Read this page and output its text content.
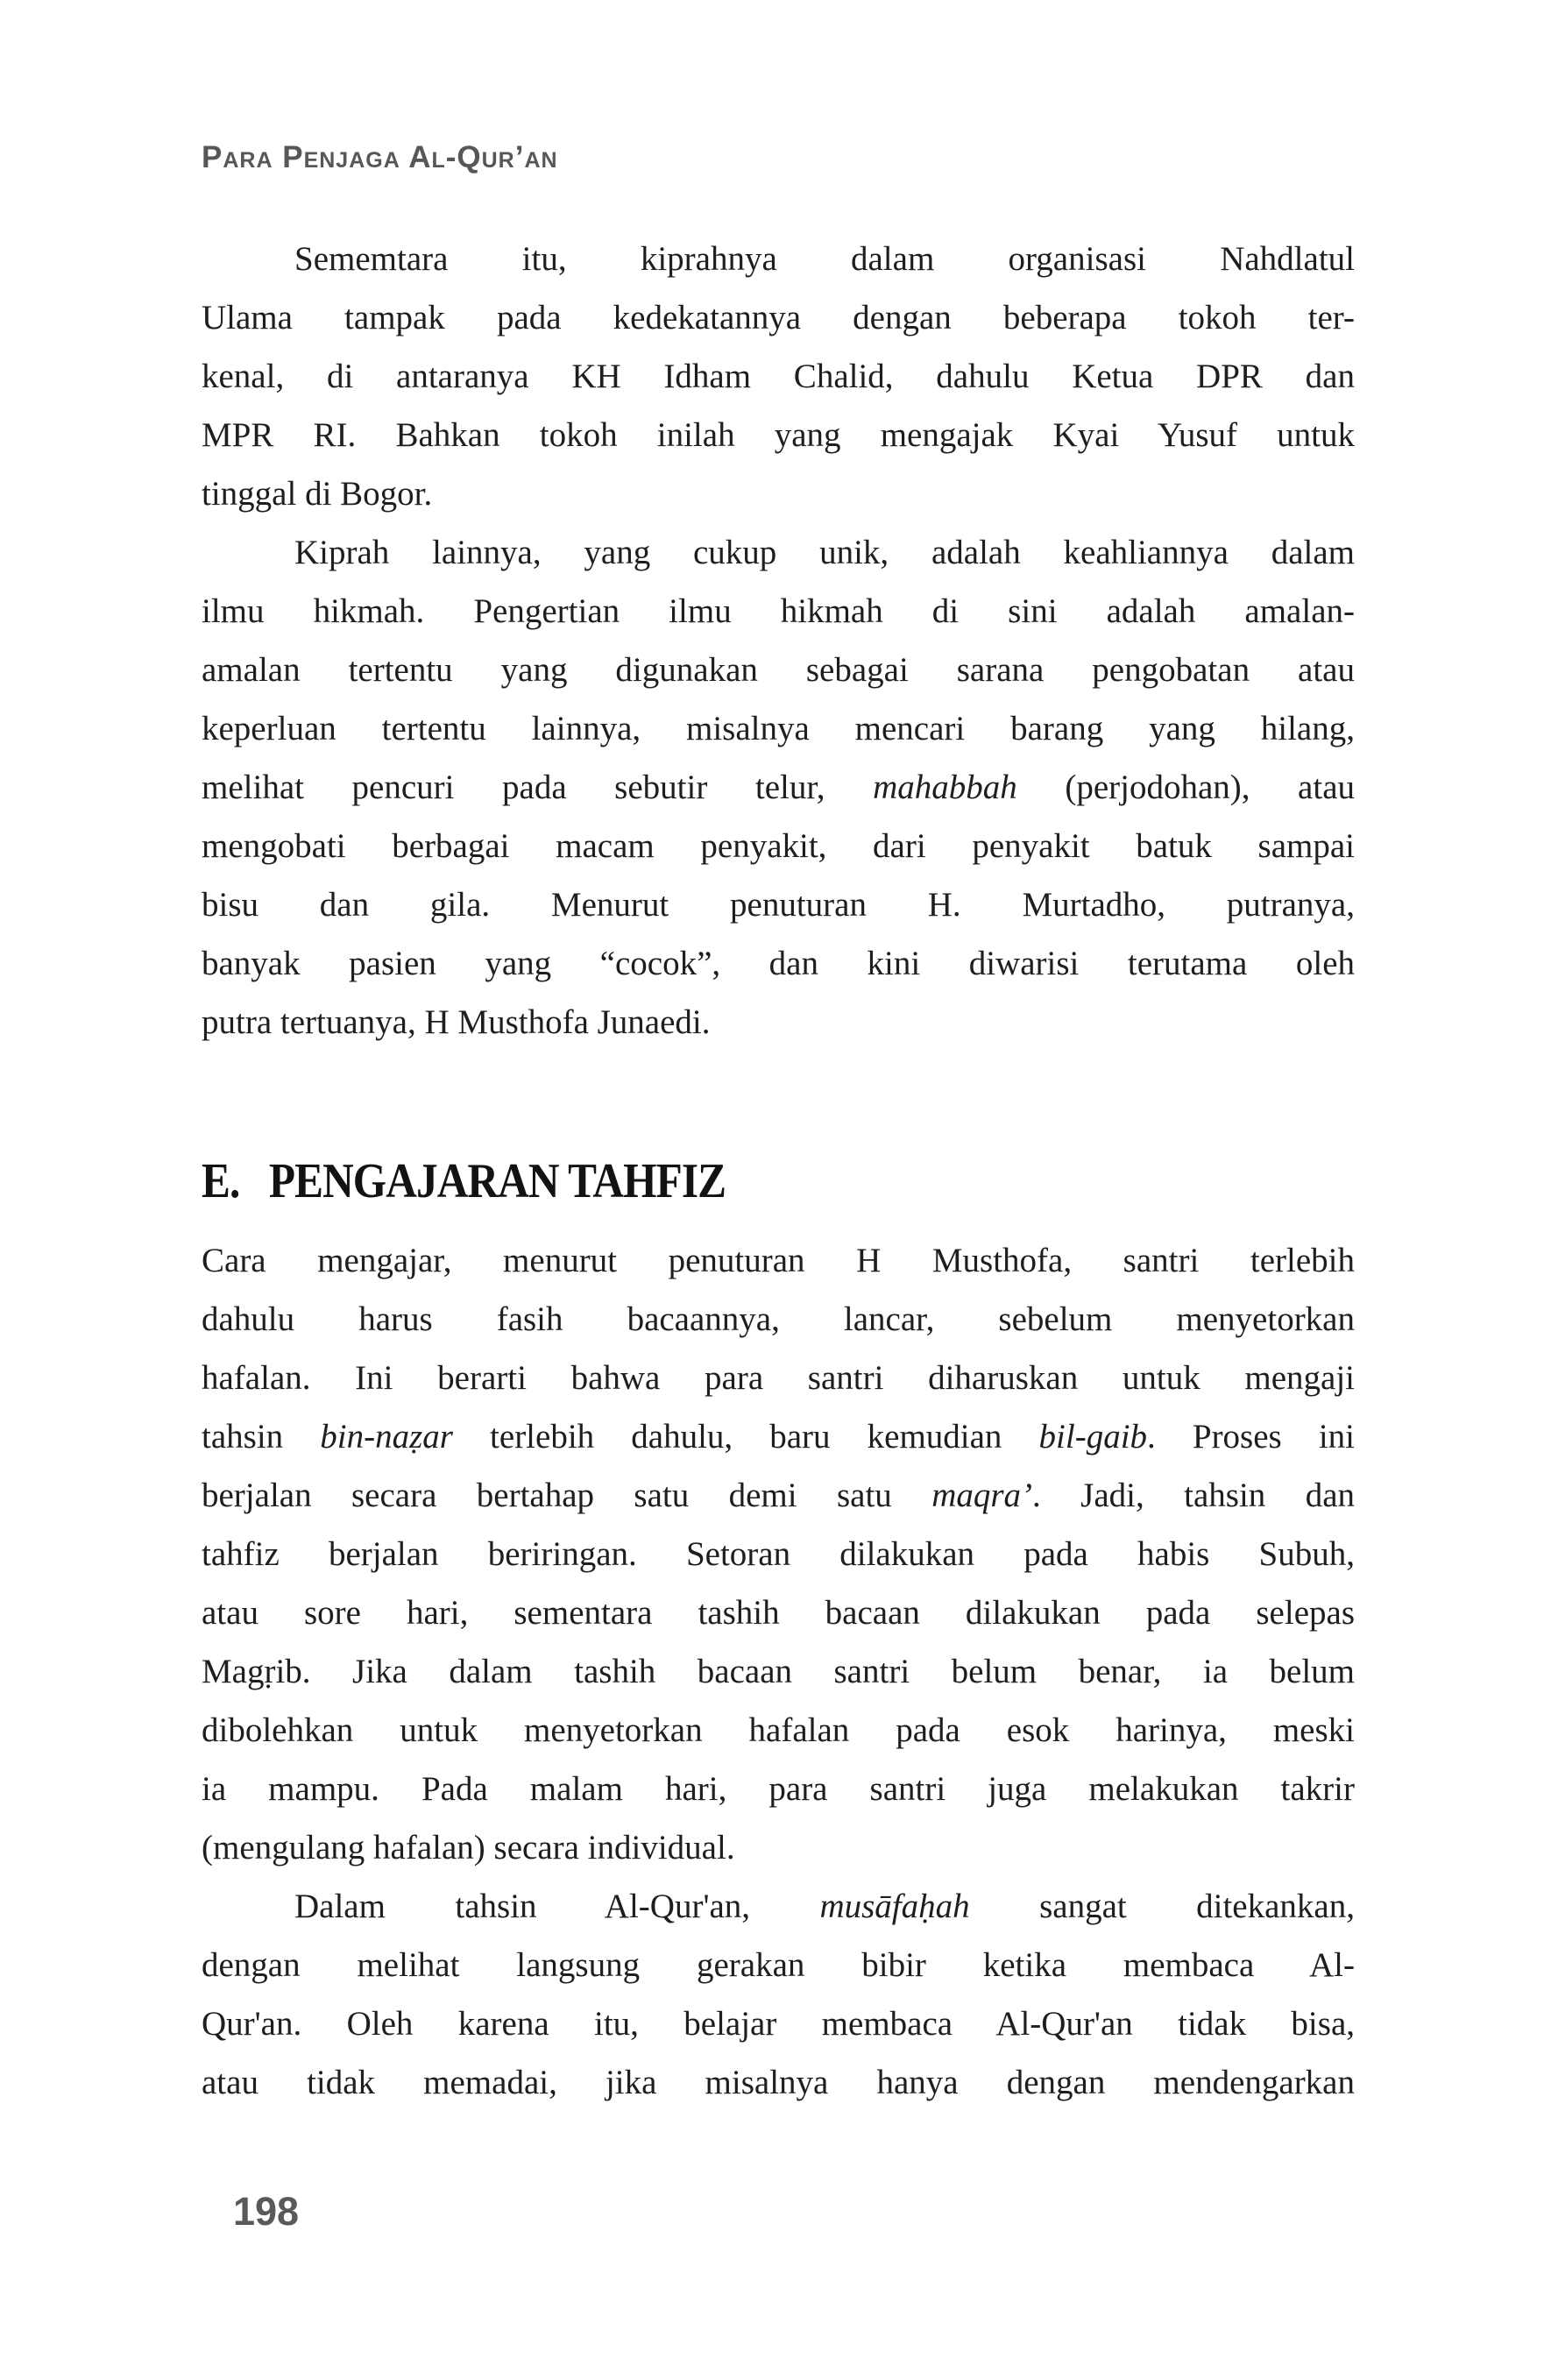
Para Penjaga Al-Qur’an
Sememtara itu, kiprahnya dalam organisasi Nahdlatul
Ulama tampak pada kedekatannya dengan beberapa tokoh ter-
kenal, di antaranya KH Idham Chalid, dahulu Ketua DPR dan
MPR RI. Bahkan tokoh inilah yang mengajak Kyai Yusuf untuk
tinggal di Bogor.
Kiprah lainnya, yang cukup unik, adalah keahliannya dalam
ilmu hikmah. Pengertian ilmu hikmah di sini adalah amalan-
amalan tertentu yang digunakan sebagai sarana pengobatan atau
keperluan tertentu lainnya, misalnya mencari barang yang hilang,
melihat pencuri pada sebutir telur, mahabbah (perjodohan), atau
mengobati berbagai macam penyakit, dari penyakit batuk sampai
bisu dan gila. Menurut penuturan H. Murtadho, putranya,
banyak pasien yang “cocok”, dan kini diwarisi terutama oleh
putra tertuanya, H Musthofa Junaedi.
E. PENGAJARAN TAHFIZ
Cara mengajar, menurut penuturan H Musthofa, santri terlebih
dahulu harus fasih bacaannya, lancar, sebelum menyetorkan
hafalan. Ini berarti bahwa para santri diharuskan untuk mengaji
tahsin bin-naẓar terlebih dahulu, baru kemudian bil-gaib. Proses ini
berjalan secara bertahap satu demi satu maqra’. Jadi, tahsin dan
tahfiz berjalan beriringan. Setoran dilakukan pada habis Subuh,
atau sore hari, sementara tashih bacaan dilakukan pada selepas
Magṛib. Jika dalam tashih bacaan santri belum benar, ia belum
dibolehkan untuk menyetorkan hafalan pada esok harinya, meski
ia mampu. Pada malam hari, para santri juga melakukan takrir
(mengulang hafalan) secara individual.
Dalam tahsin Al-Qur'an, musāfaḥah sangat ditekankan,
dengan melihat langsung gerakan bibir ketika membaca Al-
Qur'an. Oleh karena itu, belajar membaca Al-Qur'an tidak bisa,
atau tidak memadai, jika misalnya hanya dengan mendengarkan
198
